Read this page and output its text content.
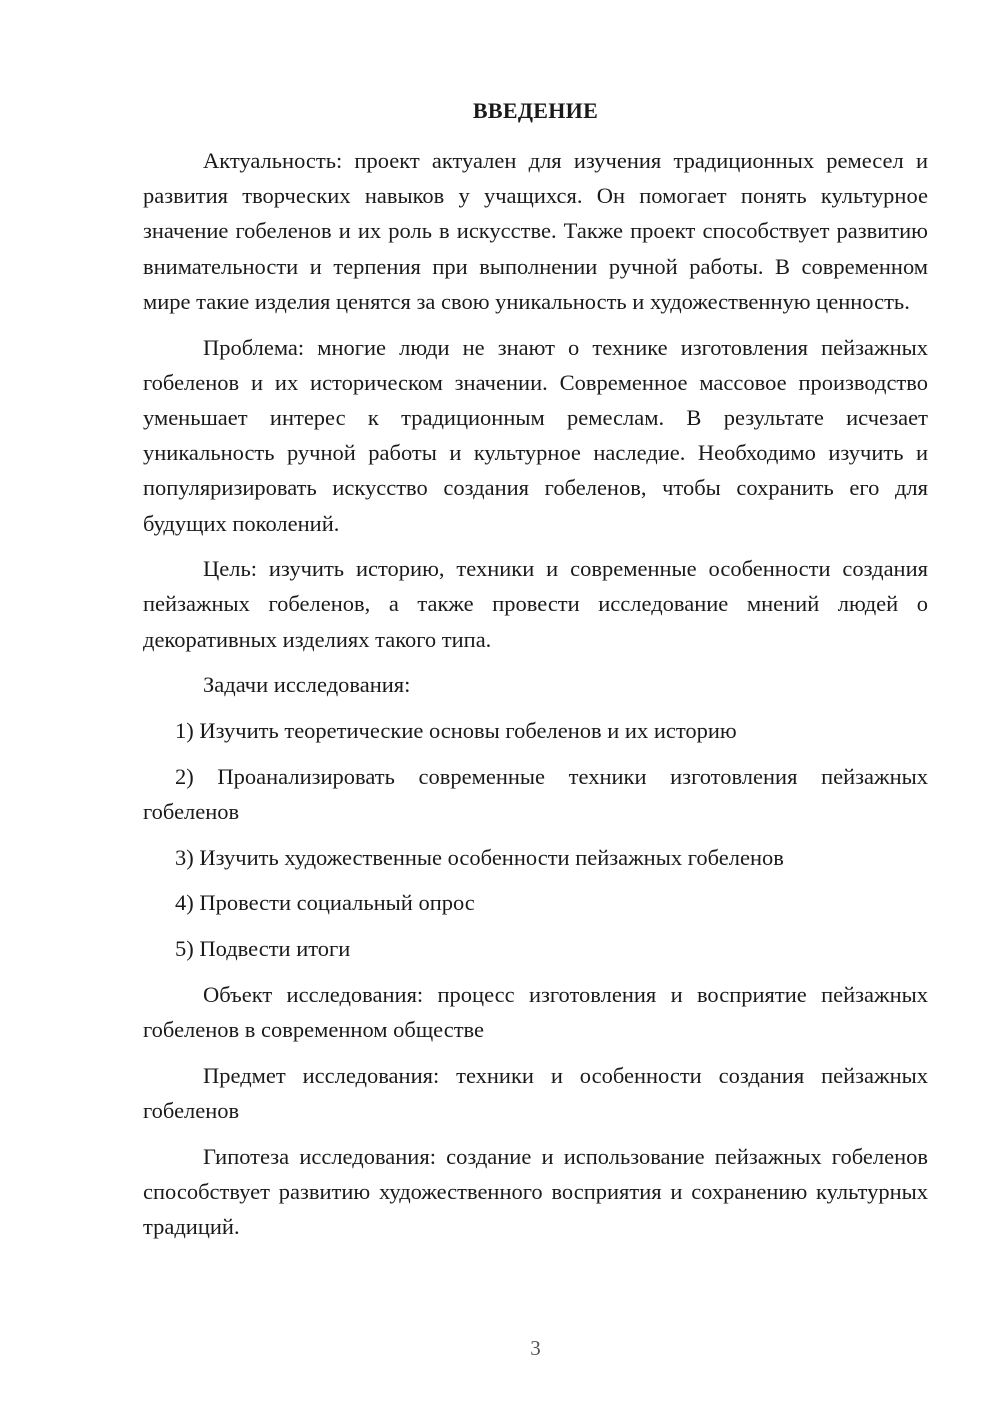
ВВЕДЕНИЕ

Актуальность: проект актуален для изучения традиционных ремесел и развития творческих навыков у учащихся. Он помогает понять культурное значение гобеленов и их роль в искусстве. Также проект способствует развитию внимательности и терпения при выполнении ручной работы. В современном мире такие изделия ценятся за свою уникальность и художественную ценность.

Проблема: многие люди не знают о технике изготовления пейзажных гобеленов и их историческом значении. Современное массовое производство уменьшает интерес к традиционным ремеслам. В результате исчезает уникальность ручной работы и культурное наследие. Необходимо изучить и популяризировать искусство создания гобеленов, чтобы сохранить его для будущих поколений.

Цель: изучить историю, техники и современные особенности создания пейзажных гобеленов, а также провести исследование мнений людей о декоративных изделиях такого типа.

Задачи исследования:

1) Изучить теоретические основы гобеленов и их историю

2) Проанализировать современные техники изготовления пейзажных гобеленов

3) Изучить художественные особенности пейзажных гобеленов

4) Провести социальный опрос

5) Подвести итоги

Объект исследования: процесс изготовления и восприятие пейзажных гобеленов в современном обществе

Предмет исследования: техники и особенности создания пейзажных гобеленов

Гипотеза исследования: создание и использование пейзажных гобеленов способствует развитию художественного восприятия и сохранению культурных традиций.

3
